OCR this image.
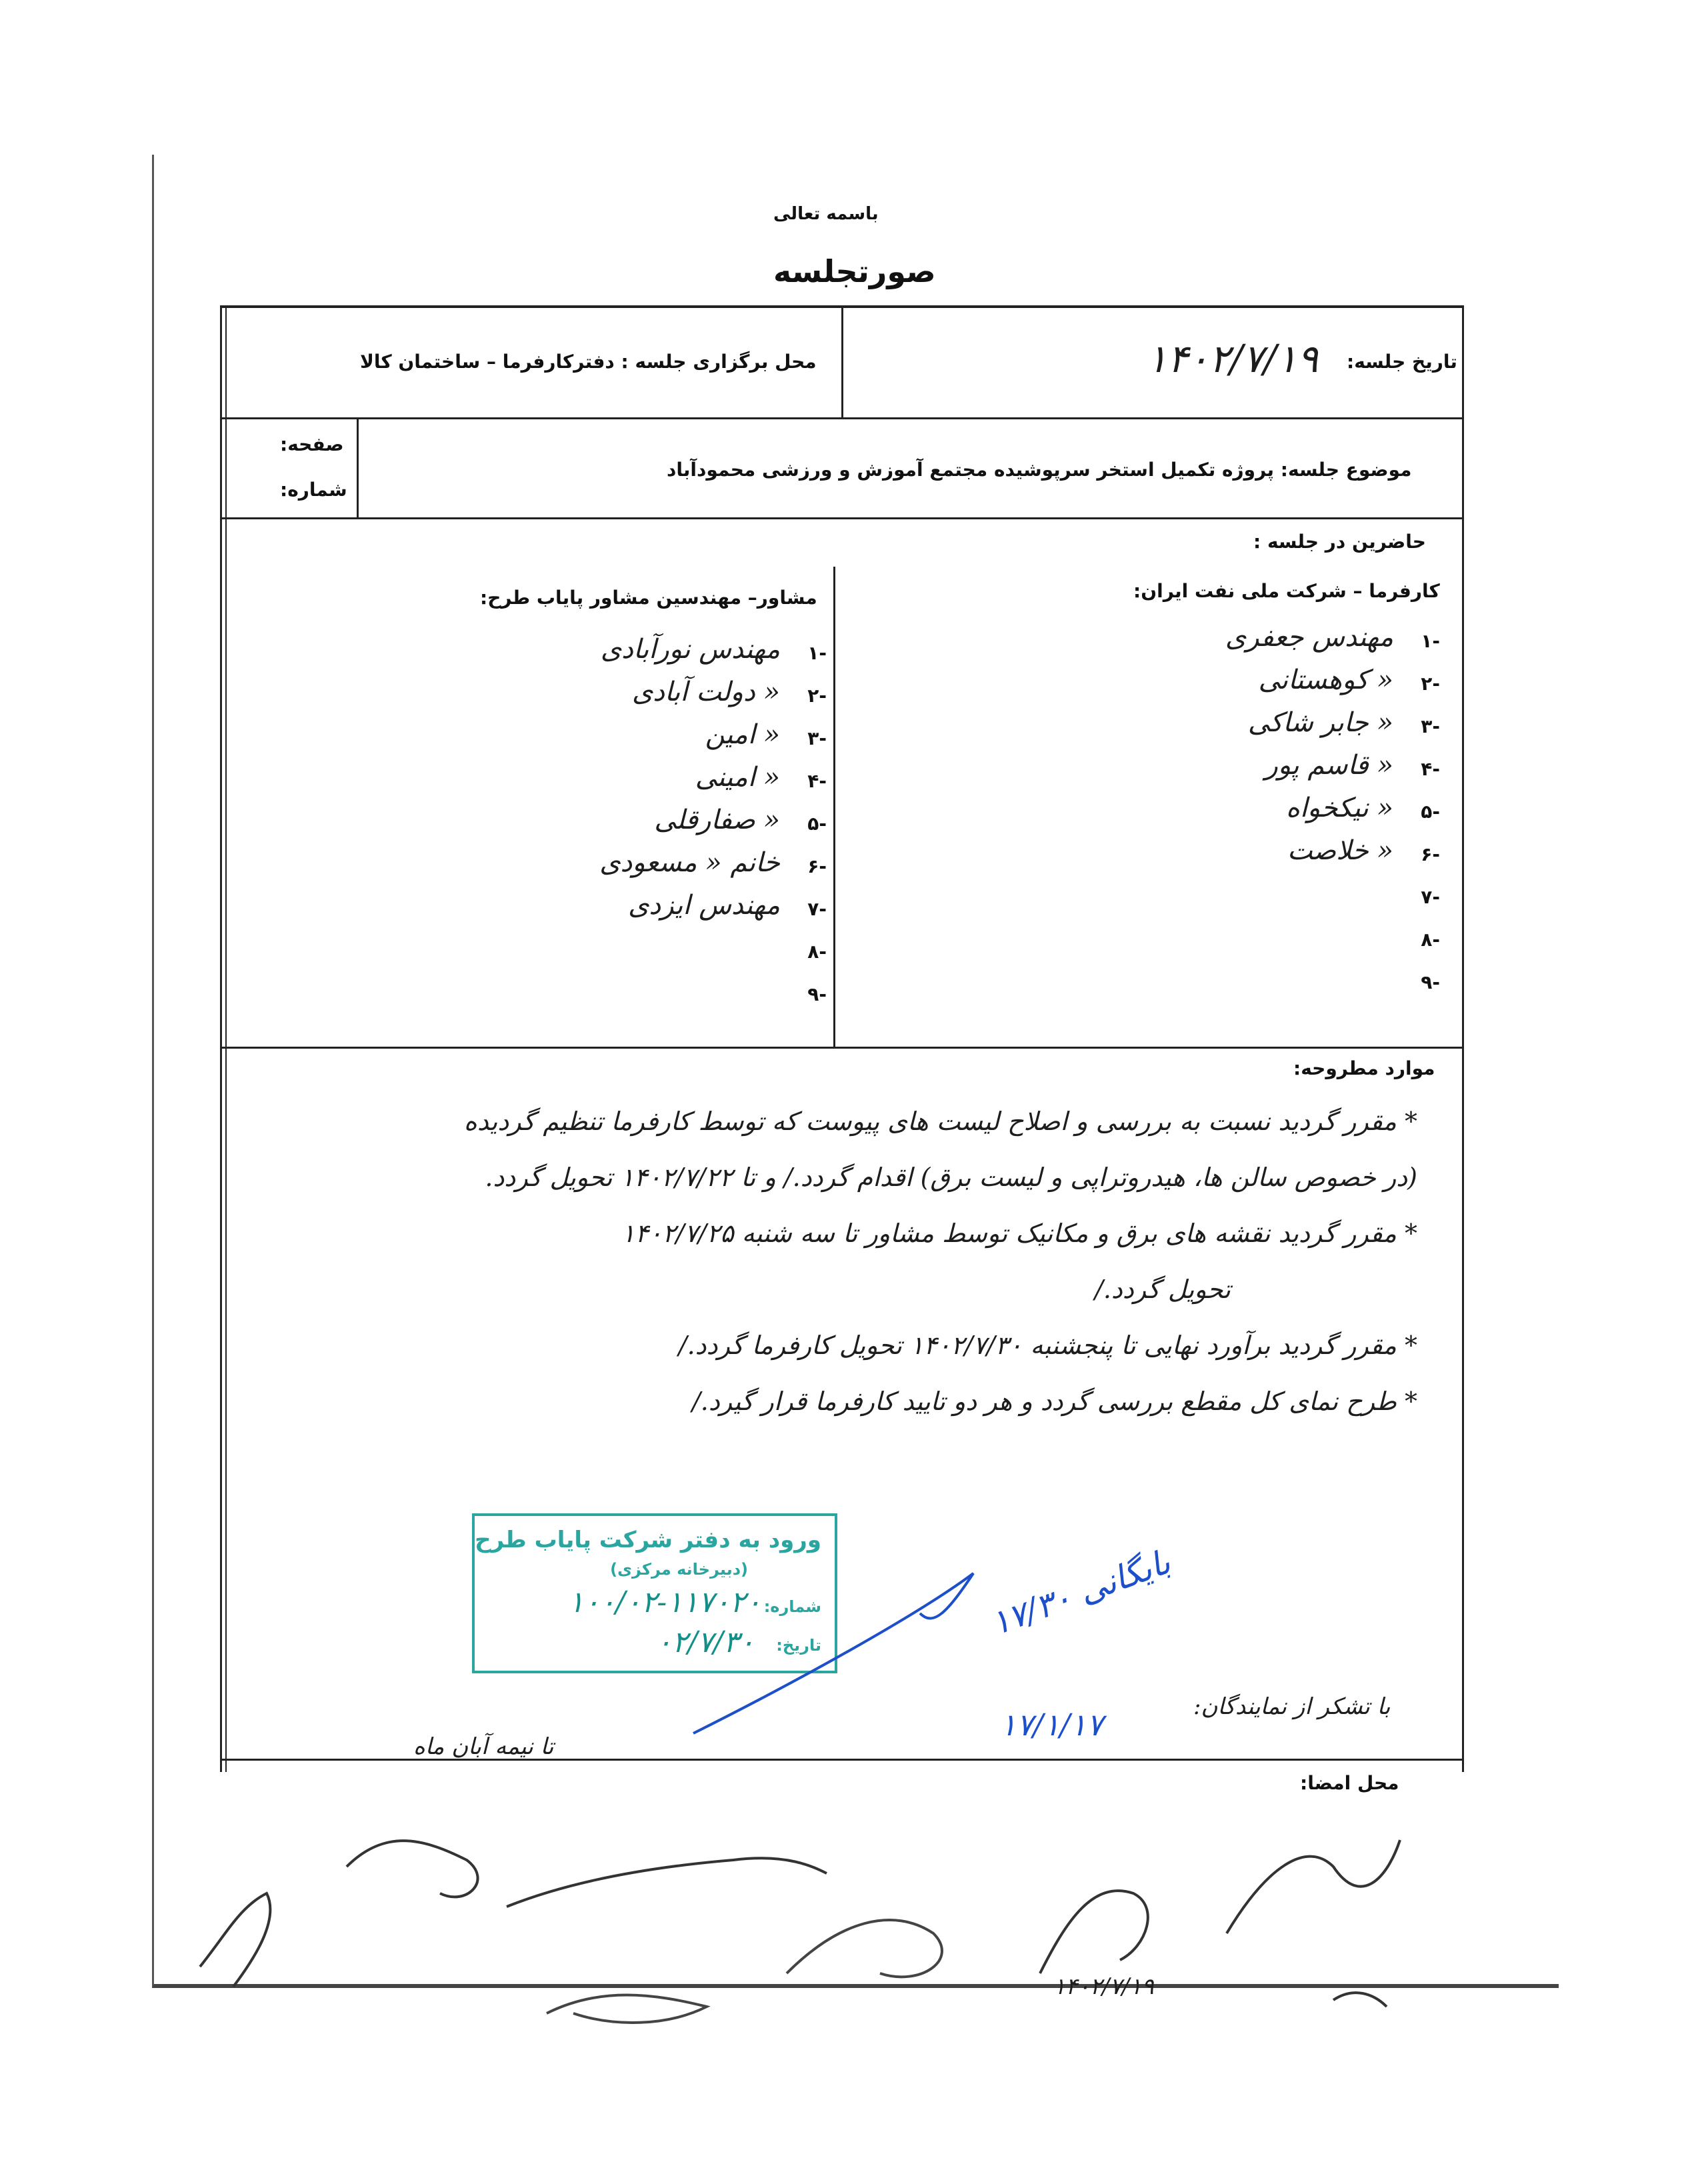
باسمه تعالی
صورتجلسه
تاریخ جلسه:
۱۴۰۲/۷/۱۹
محل برگزاری جلسه : دفترکارفرما – ساختمان کالا
موضوع جلسه: پروژه تکمیل استخر سرپوشیده مجتمع آموزش و ورزشی محمودآباد
صفحه:
شماره:
حاضرین در جلسه :
کارفرما – شرکت ملی نفت ایران:
-۱
-۲
-۳
-۴
-۵
-۶
-۷
-۸
-۹
مهندس جعفری
« کوهستانی
« جابر شاکی
« قاسم پور
« نیکخواه
« خلاصت
مشاور– مهندسین مشاور پایاب طرح:
-۱
-۲
-۳
-۴
-۵
-۶
-۷
-۸
-۹
مهندس نورآبادی
« دولت آبادی
« امین
« امینی
« صفارقلی
خانم « مسعودی
مهندس ایزدی
موارد مطروحه:
* مقرر گردید نسبت به بررسی و اصلاح لیست های پیوست که توسط کارفرما تنظیم گردیده
(در خصوص سالن ها، هیدروتراپی و لیست برق) اقدام گردد./ و تا ۱۴۰۲/۷/۲۲ تحویل گردد.
* مقرر گردید نقشه های برق و مکانیک توسط مشاور تا سه شنبه ۱۴۰۲/۷/۲۵
تحویل گردد./
* مقرر گردید برآورد نهایی تا پنجشنبه ۱۴۰۲/۷/۳۰ تحویل کارفرما گردد./
* طرح نمای کل مقطع بررسی گردد و هر دو تایید کارفرما قرار گیرد./
ورود به دفتر شرکت پایاب طرح
(دبیرخانه مرکزی)
شماره:
۱۰۰/۰۲-۱۱۷۰۲۰
تاریخ:
۰۲/۷/۳۰	بایگانی ۱۷/۳۰
۱۷/۱/۱۷	با تشکر از نمایندگان:
تا نیمه آبان ماه
محل امضا:
۱۴۰۲/۷/۱۹
